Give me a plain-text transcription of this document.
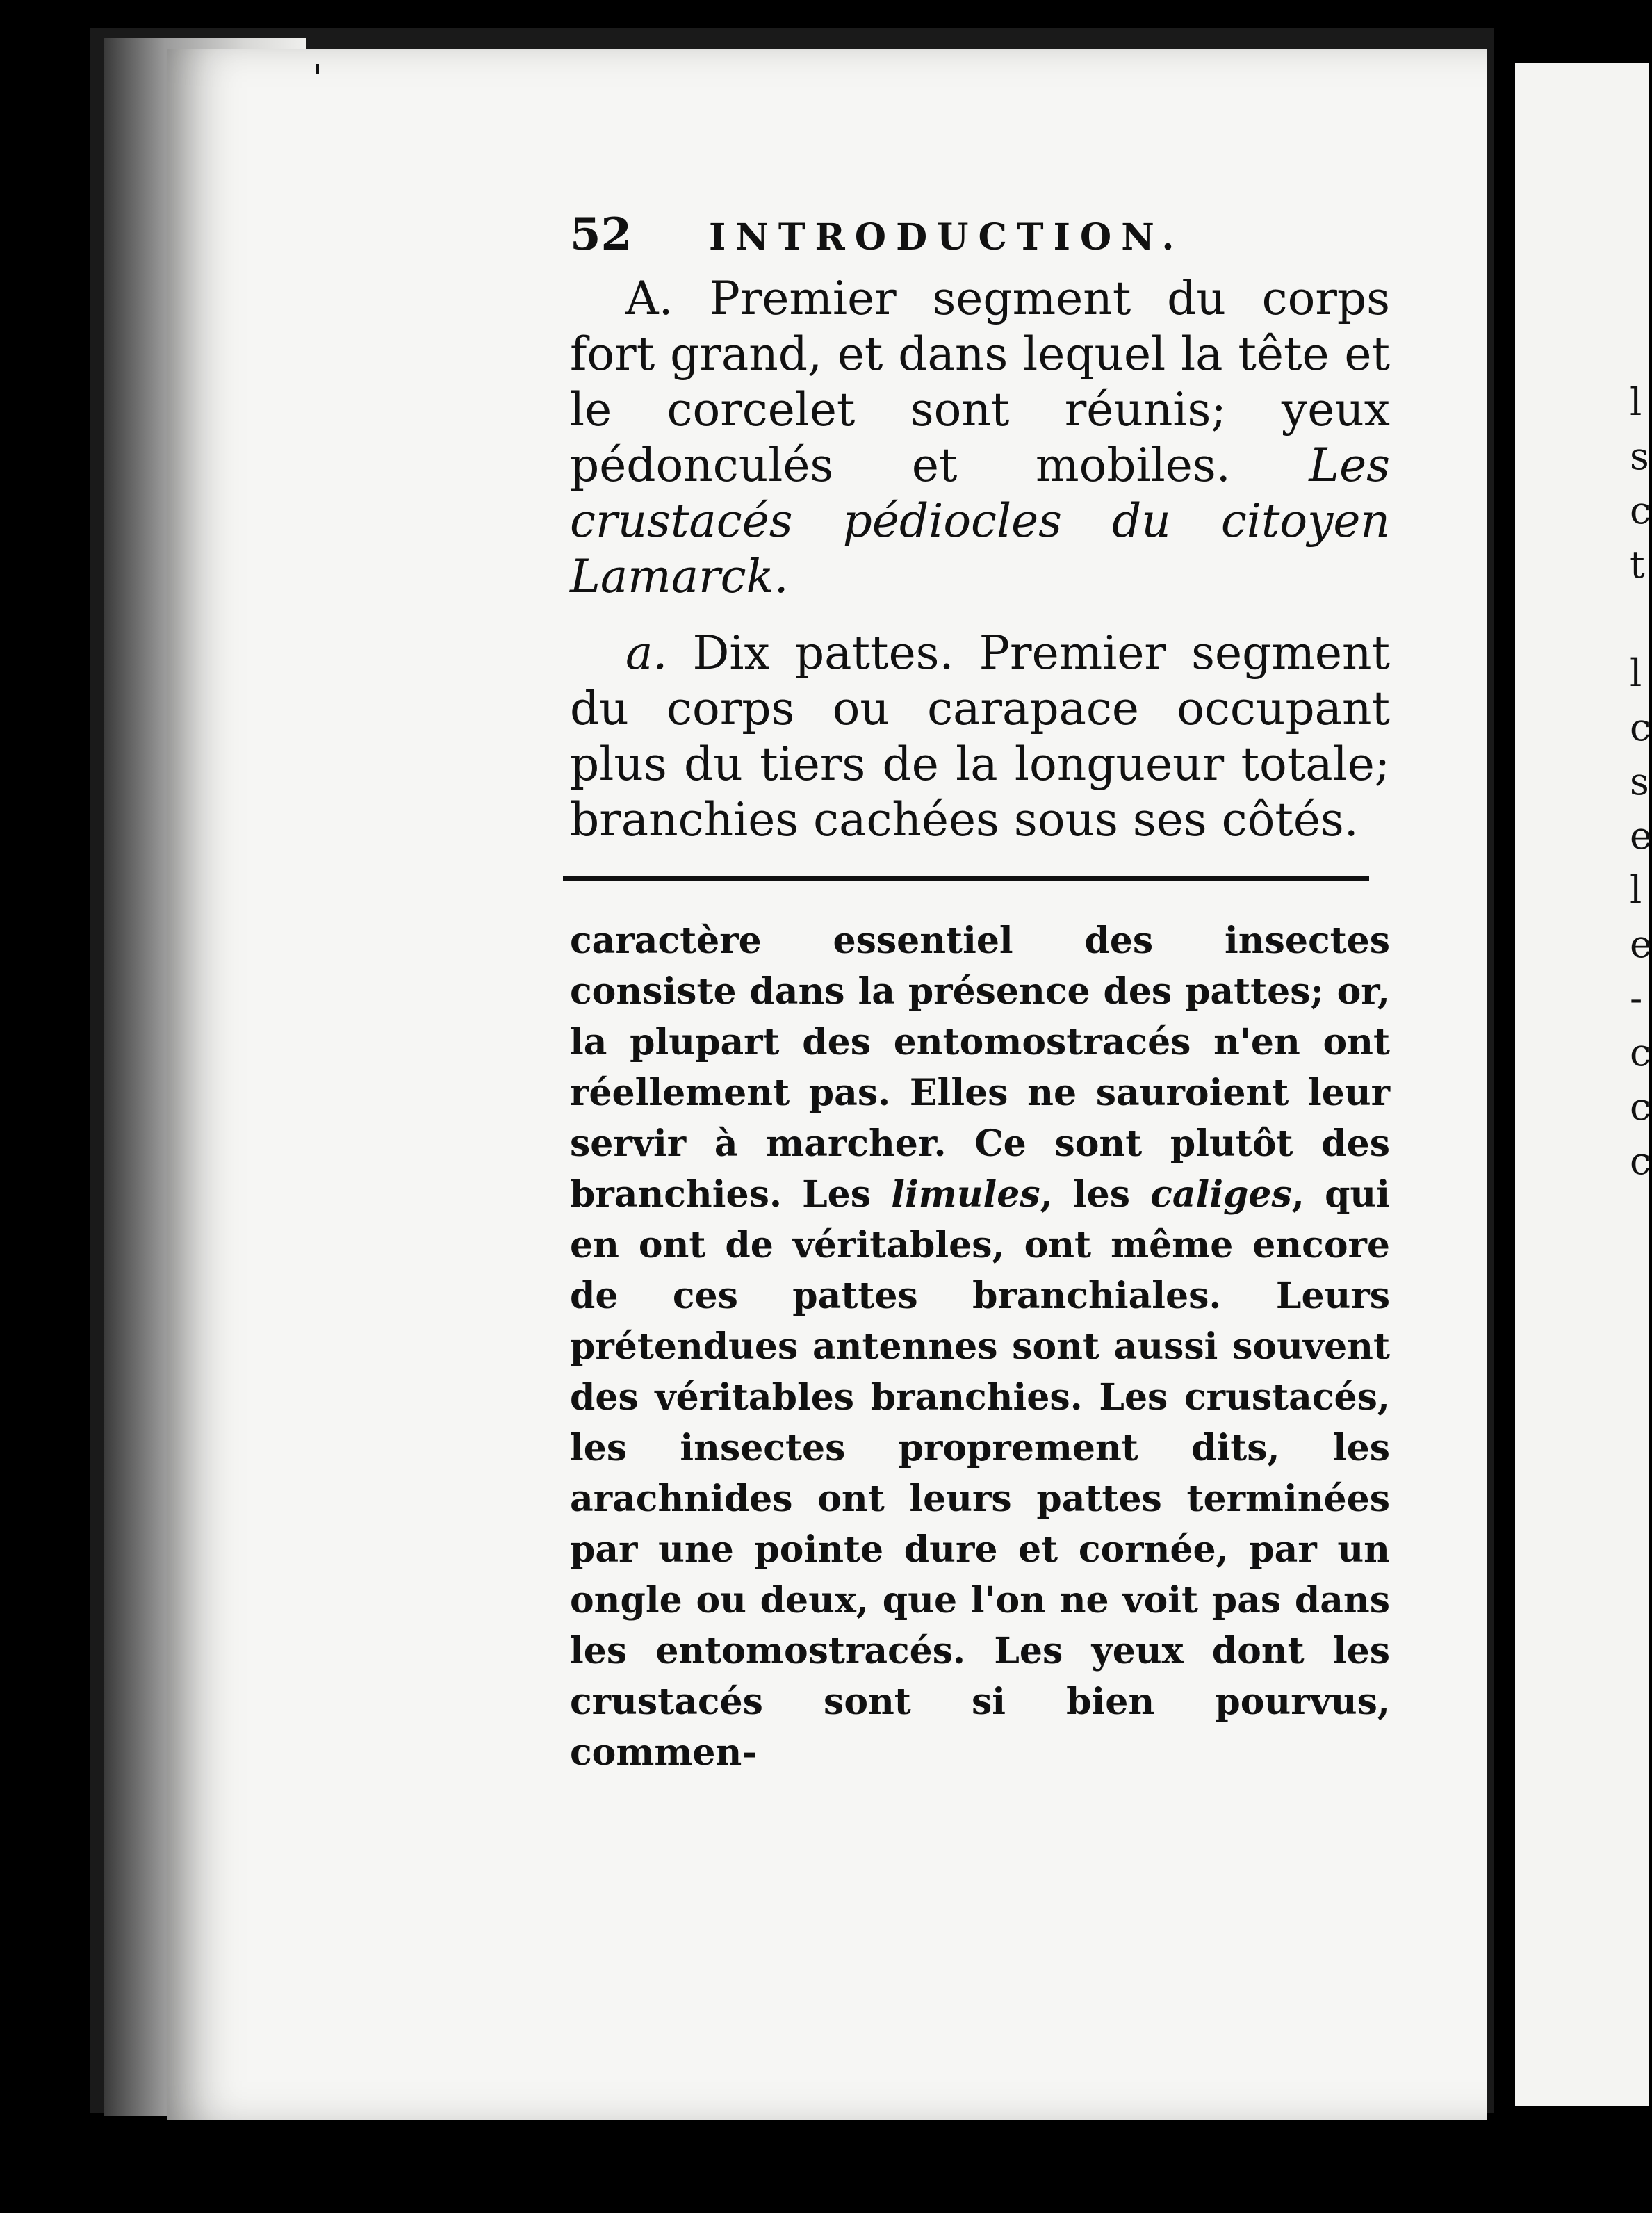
l
s
c
t

l
c
s
e
l
e
-
c
c
c
52	INTRODUCTION.

A. Premier segment du corps fort grand, et dans lequel la tête et le corcelet sont réunis; yeux pédonculés et mobiles. Les crustacés pédiocles du citoyen Lamarck.

a. Dix pattes. Premier segment du corps ou carapace occupant plus du tiers de la longueur totale; branchies cachées sous ses côtés.

caractère essentiel des insectes consiste dans la présence des pattes; or, la plupart des entomostracés n'en ont réellement pas. Elles ne sauroient leur servir à marcher. Ce sont plutôt des branchies. Les limules, les caliges, qui en ont de véritables, ont même encore de ces pattes branchiales. Leurs prétendues antennes sont aussi souvent des véritables branchies. Les crustacés, les insectes proprement dits, les arachnides ont leurs pattes terminées par une pointe dure et cornée, par un ongle ou deux, que l'on ne voit pas dans les entomostracés. Les yeux dont les crustacés sont si bien pourvus, commen-
